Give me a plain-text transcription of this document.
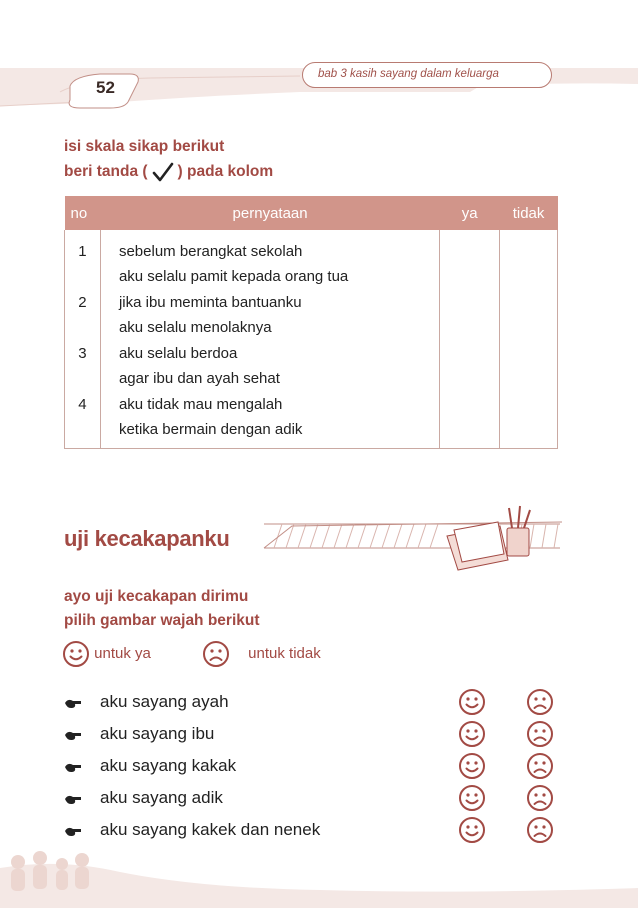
52
bab 3 kasih sayang dalam keluarga
isi skala sikap berikut
beri tanda ( ) pada kolom
no	pernyataan	ya	tidak
1	sebelum berangkat sekolah
aku selalu pamit kepada orang tua		

2	jika ibu meminta bantuanku
aku selalu menolaknya		

3	aku selalu berdoa
agar ibu dan ayah sehat		

4	aku tidak mau mengalah
ketika bermain dengan adik		

uji kecakapanku
ayo uji kecakapan dirimu
pilih gambar wajah berikut
untuk ya	untuk tidak
aku sayang ayah
aku sayang ibu
aku sayang kakak
aku sayang adik
aku sayang kakek dan nenek
